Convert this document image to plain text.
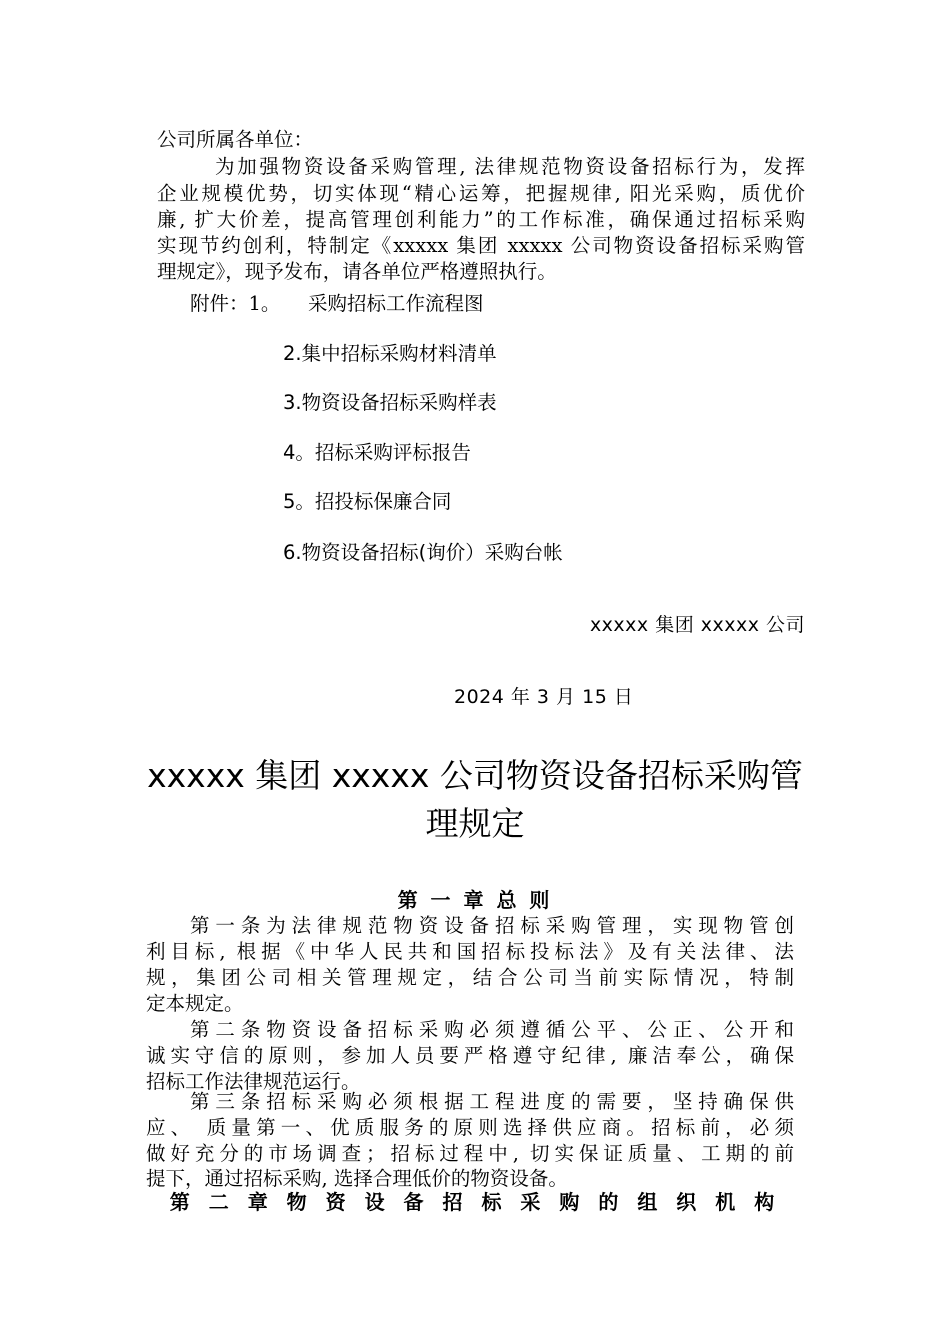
公司所属各单位：
为加强物资设备采购管理, 法律规范物资设备招标行为，发挥
企业规模优势，切实体现“精心运筹，把握规律, 阳光采购，质优价
廉, 扩大价差，提高管理创利能力”的工作标准，确保通过招标采购
实现节约创利，特制定《xxxxx 集团 xxxxx 公司物资设备招标采购管
理规定》，现予发布，请各单位严格遵照执行。
附件：1。 采购招标工作流程图
2.集中招标采购材料清单
3.物资设备招标采购样表
4。招标采购评标报告
5。招投标保廉合同
6.物资设备招标(询价）采购台帐
xxxxx 集团 xxxxx 公司
2024 年 3 月 15 日
xxxxx 集团 xxxxx 公司物资设备招标采购管
理规定
第 一 章 总 则
第一条为法律规范物资设备招标采购管理，实现物管创
利目标, 根据《中华人民共和国招标投标法》及有关法律、法
规，集团公司相关管理规定，结合公司当前实际情况，特制
定本规定。
第二条物资设备招标采购必须遵循公平、公正、公开和
诚实守信的原则，参加人员要严格遵守纪律, 廉洁奉公，确保
招标工作法律规范运行。
第三条招标采购必须根据工程进度的需要，坚持确保供
应、 质量第一、优质服务的原则选择供应商。招标前，必须
做好充分的市场调查；招标过程中, 切实保证质量、工期的前
提下，通过招标采购, 选择合理低价的物资设备。
第 二 章 物 资 设 备 招 标 采 购 的 组 织 机 构
